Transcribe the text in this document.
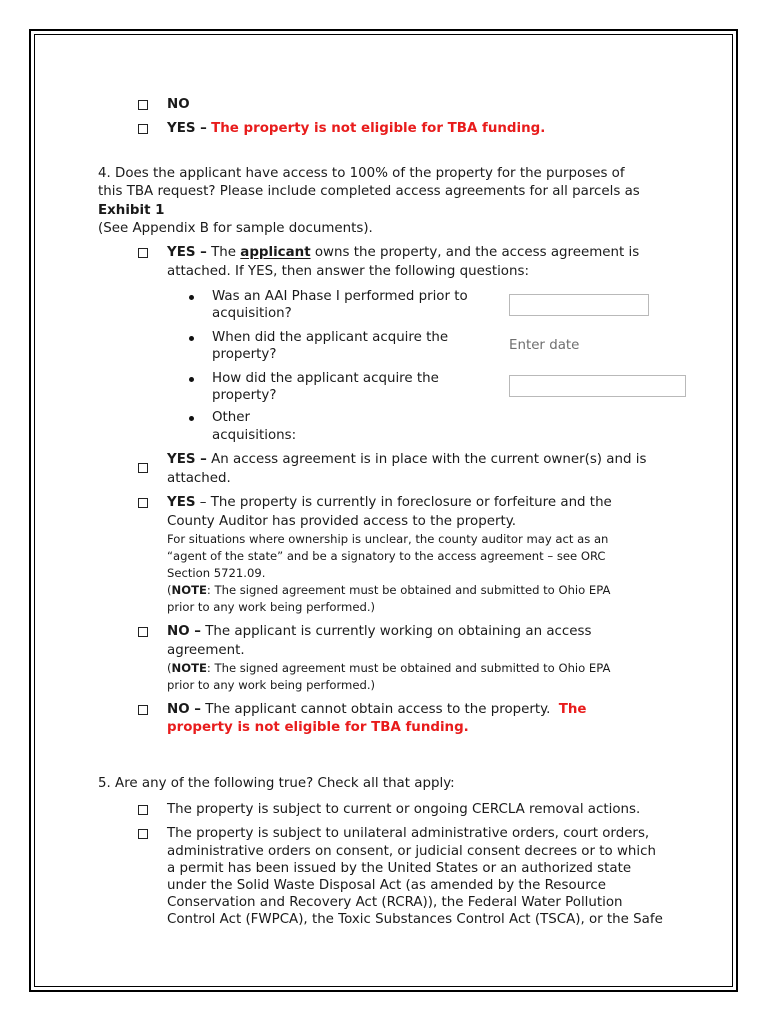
NO
YES – The property is not eligible for TBA funding.
4. Does the applicant have access to 100% of the property for the purposes of
this TBA request? Please include completed access agreements for all parcels as
Exhibit 1
(See Appendix B for sample documents).
YES – The applicant owns the property, and the access agreement is
attached. If YES, then answer the following questions:
Was an AAI Phase I performed prior to
acquisition?
When did the applicant acquire the
property?
Enter date
How did the applicant acquire the
property?
Other
acquisitions:
YES – An access agreement is in place with the current owner(s) and is
attached.
YES – The property is currently in foreclosure or forfeiture and the
County Auditor has provided access to the property.
For situations where ownership is unclear, the county auditor may act as an
“agent of the state” and be a signatory to the access agreement – see ORC
Section 5721.09.
(NOTE: The signed agreement must be obtained and submitted to Ohio EPA
prior to any work being performed.)
NO – The applicant is currently working on obtaining an access
agreement.
(NOTE: The signed agreement must be obtained and submitted to Ohio EPA
prior to any work being performed.)
NO – The applicant cannot obtain access to the property. The
property is not eligible for TBA funding.
5. Are any of the following true? Check all that apply:
The property is subject to current or ongoing CERCLA removal actions.
The property is subject to unilateral administrative orders, court orders,
administrative orders on consent, or judicial consent decrees or to which
a permit has been issued by the United States or an authorized state
under the Solid Waste Disposal Act (as amended by the Resource
Conservation and Recovery Act (RCRA)), the Federal Water Pollution
Control Act (FWPCA), the Toxic Substances Control Act (TSCA), or the Safe
